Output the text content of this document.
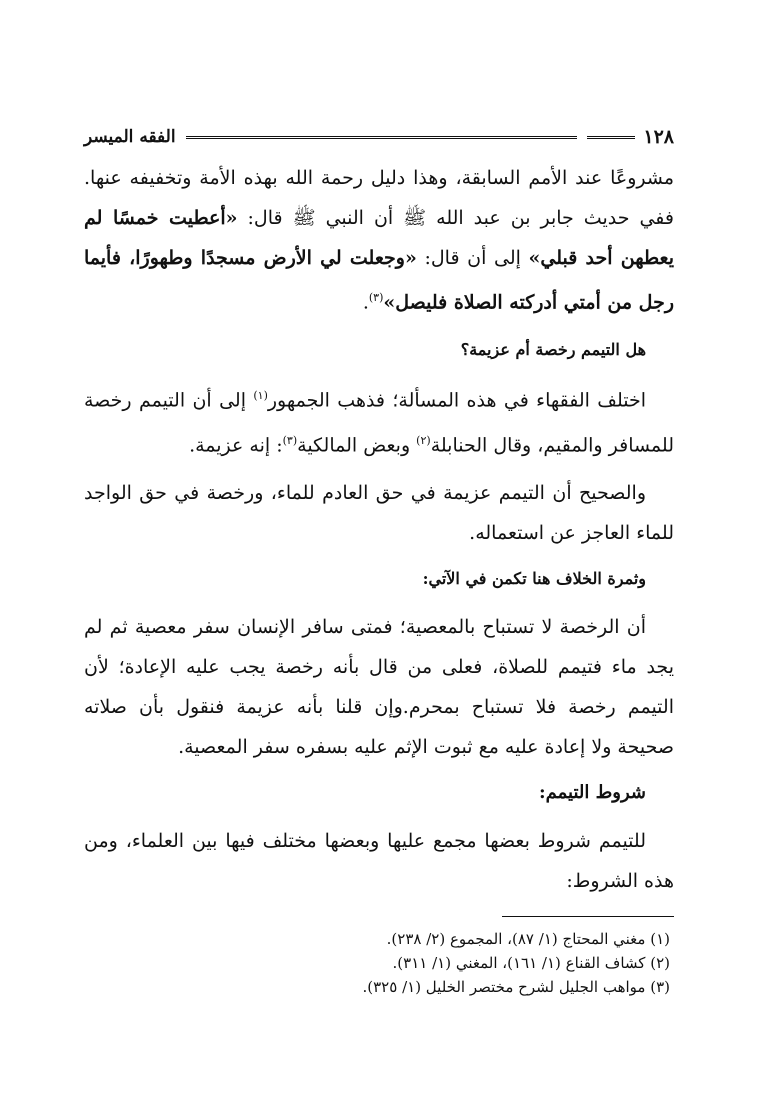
١٢٨
الفقه الميسر

مشروعًا عند الأمم السابقة، وهذا دليل رحمة الله بهذه الأمة وتخفيفه عنها. ففي حديث جابر بن عبد الله ﷺ أن النبي ﷺ قال: «أعطيت خمسًا لم يعطهن أحد قبلي» إلى أن قال: «وجعلت لي الأرض مسجدًا وطهورًا، فأيما رجل من أمتي أدركته الصلاة فليصل»$^{(٣)}$.

هل التيمم رخصة أم عزيمة؟

اختلف الفقهاء في هذه المسألة؛ فذهب الجمهور$^{(١)}$ إلى أن التيمم رخصة للمسافر والمقيم، وقال الحنابلة$^{(٢)}$ وبعض المالكية$^{(٣)}$: إنه عزيمة.

والصحيح أن التيمم عزيمة في حق العادم للماء، ورخصة في حق الواجد للماء العاجز عن استعماله.

وثمرة الخلاف هنا تكمن في الآتي:

أن الرخصة لا تستباح بالمعصية؛ فمتى سافر الإنسان سفر معصية ثم لم يجد ماء فتيمم للصلاة، فعلى من قال بأنه رخصة يجب عليه الإعادة؛ لأن التيمم رخصة فلا تستباح بمحرم.وإن قلنا بأنه عزيمة فنقول بأن صلاته صحيحة ولا إعادة عليه مع ثبوت الإثم عليه بسفره سفر المعصية.

شروط التيمم:

للتيمم شروط بعضها مجمع عليها وبعضها مختلف فيها بين العلماء، ومن هذه الشروط:

(١) مغني المحتاج (١/ ٨٧)، المجموع (٢/ ٢٣٨).
(٢) كشاف القناع (١/ ١٦١)، المغني (١/ ٣١١).
(٣) مواهب الجليل لشرح مختصر الخليل (١/ ٣٢٥).
